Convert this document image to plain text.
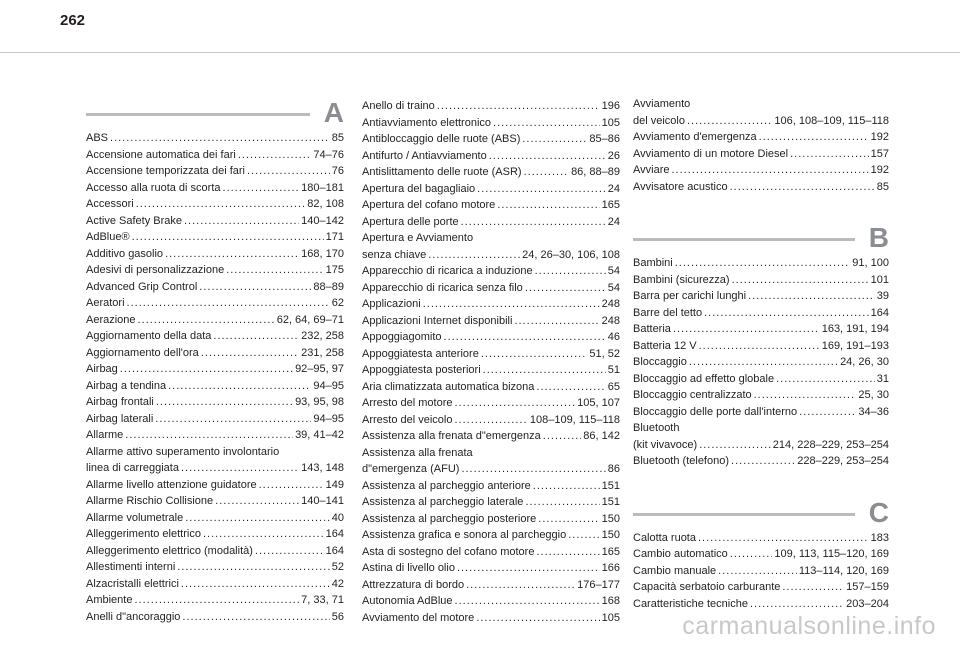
262
A
ABS .....	85
Accensione automatica dei fari .....	74–76
Accensione temporizzata dei fari .....	76
Accesso alla ruota di scorta .....	180–181
Accessori .....	82, 108
Active Safety Brake .....	140–142
AdBlue® .....	171
Additivo gasolio .....	168, 170
Adesivi di personalizzazione .....	175
Advanced Grip Control .....	88–89
Aeratori .....	62
Aerazione .....	62, 64, 69–71
Aggiornamento della data .....	232, 258
Aggiornamento dell'ora .....	231, 258
Airbag .....	92–95, 97
Airbag a tendina .....	94–95
Airbag frontali .....	93, 95, 98
Airbag laterali .....	94–95
Allarme .....	39, 41–42
Allarme attivo superamento involontario
linea di carreggiata .....	143, 148
Allarme livello attenzione guidatore .....	149
Allarme Rischio Collisione .....	140–141
Allarme volumetrale .....	40
Alleggerimento elettrico .....	164
Alleggerimento elettrico (modalità) .....	164
Allestimenti interni .....	52
Alzacristalli elettrici .....	42
Ambiente .....	7, 33, 71
Anelli d"ancoraggio .....	56
Anello di traino .....	196
Antiavviamento elettronico .....	105
Antibloccaggio delle ruote (ABS) .....	85–86
Antifurto / Antiavviamento .....	26
Antislittamento delle ruote (ASR) .....	86, 88–89
Apertura del bagagliaio .....	24
Apertura del cofano motore .....	165
Apertura delle porte .....	24
Apertura e Avviamento
senza chiave .....	24, 26–30, 106, 108
Apparecchio di ricarica a induzione .....	54
Apparecchio di ricarica senza filo .....	54
Applicazioni .....	248
Applicazioni Internet disponibili .....	248
Appoggiagomito .....	46
Appoggiatesta anteriore .....	51, 52
Appoggiatesta posteriori .....	51
Aria climatizzata automatica bizona .....	65
Arresto del motore .....	105, 107
Arresto del veicolo .....	108–109, 115–118
Assistenza alla frenata d"emergenza .....	86, 142
Assistenza alla frenata
d"emergenza (AFU) .....	86
Assistenza al parcheggio anteriore .....	151
Assistenza al parcheggio laterale .....	151
Assistenza al parcheggio posteriore .....	150
Assistenza grafica e sonora al parcheggio .....	150
Asta di sostegno del cofano motore .....	165
Astina di livello olio .....	166
Attrezzatura di bordo .....	176–177
Autonomia AdBlue .....	168
Avviamento del motore .....	105
Avviamento
del veicolo .....	106, 108–109, 115–118
Avviamento d'emergenza .....	192
Avviamento di un motore Diesel .....	157
Avviare .....	192
Avvisatore acustico .....	85
B
Bambini .....	91, 100
Bambini (sicurezza) .....	101
Barra per carichi lunghi .....	39
Barre del tetto .....	164
Batteria .....	163, 191, 194
Batteria 12 V .....	169, 191–193
Bloccaggio .....	24, 26, 30
Bloccaggio ad effetto globale .....	31
Bloccaggio centralizzato .....	25, 30
Bloccaggio delle porte dall'interno .....	34–36
Bluetooth
(kit vivavoce) .....	214, 228–229, 253–254
Bluetooth (telefono) .....	228–229, 253–254
C
Calotta ruota .....	183
Cambio automatico .....	109, 113, 115–120, 169
Cambio manuale .....	113–114, 120, 169
Capacità serbatoio carburante .....	157–159
Caratteristiche tecniche .....	203–204
carmanualsonline.info
